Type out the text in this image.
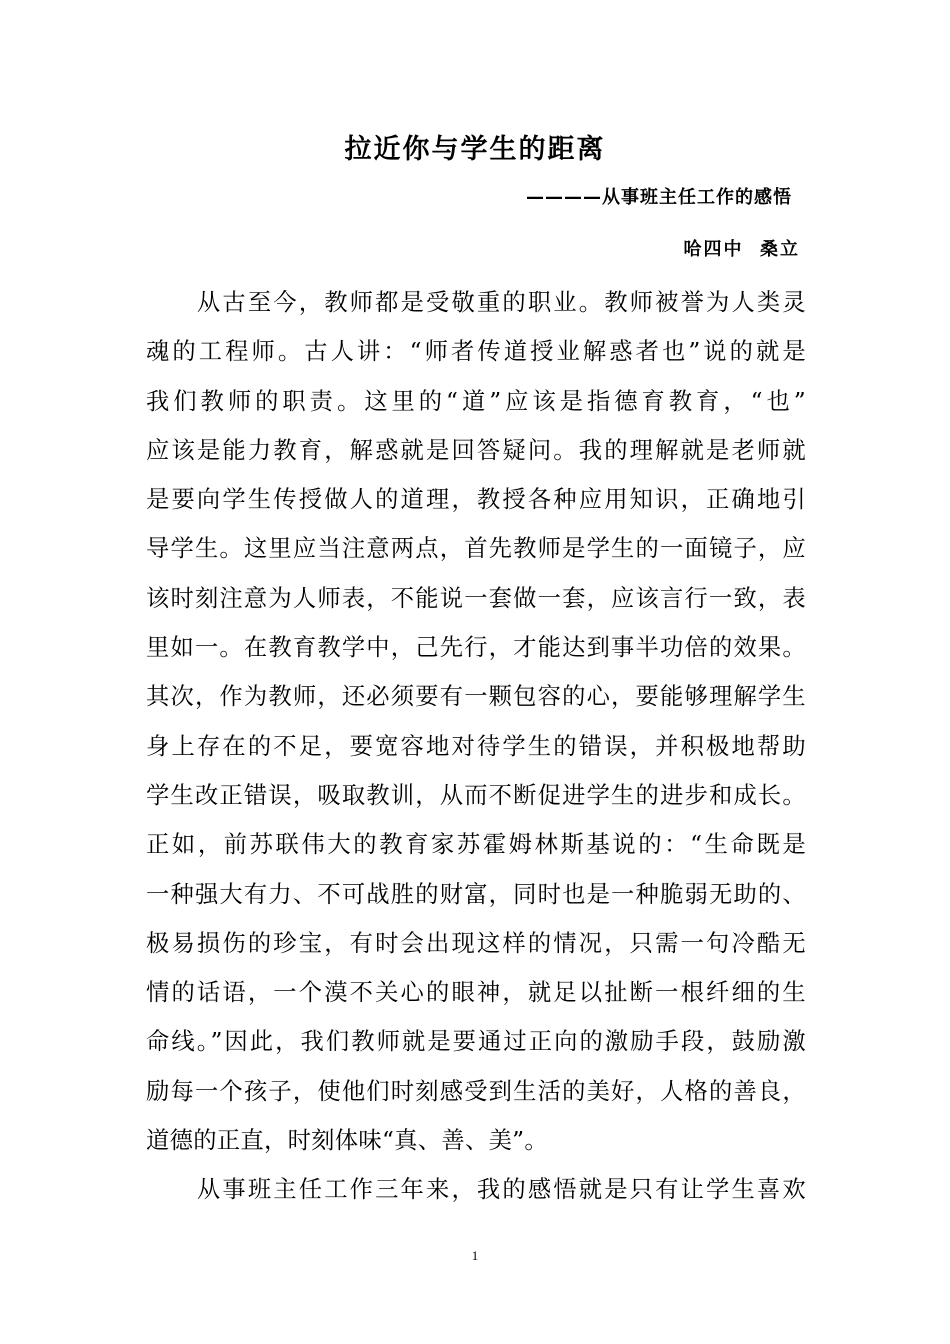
拉近你与学生的距离
————从事班主任工作的感悟
哈四中  桑立
　　从古至今，教师都是受敬重的职业。教师被誉为人类灵
魂的工程师。古人讲：“师者传道授业解惑者也”说的就是
我们教师的职责。这里的“道”应该是指德育教育，“也”
应该是能力教育，解惑就是回答疑问。我的理解就是老师就
是要向学生传授做人的道理，教授各种应用知识，正确地引
导学生。这里应当注意两点，首先教师是学生的一面镜子，应
该时刻注意为人师表，不能说一套做一套，应该言行一致，表
里如一。在教育教学中，己先行，才能达到事半功倍的效果。
其次，作为教师，还必须要有一颗包容的心，要能够理解学生
身上存在的不足，要宽容地对待学生的错误，并积极地帮助
学生改正错误，吸取教训，从而不断促进学生的进步和成长。
正如，前苏联伟大的教育家苏霍姆林斯基说的：“生命既是
一种强大有力、不可战胜的财富，同时也是一种脆弱无助的、
极易损伤的珍宝，有时会出现这样的情况，只需一句冷酷无
情的话语，一个漠不关心的眼神，就足以扯断一根纤细的生
命线。”因此，我们教师就是要通过正向的激励手段，鼓励激
励每一个孩子，使他们时刻感受到生活的美好，人格的善良，
道德的正直，时刻体味“真、善、美”。
　　从事班主任工作三年来，我的感悟就是只有让学生喜欢
1
